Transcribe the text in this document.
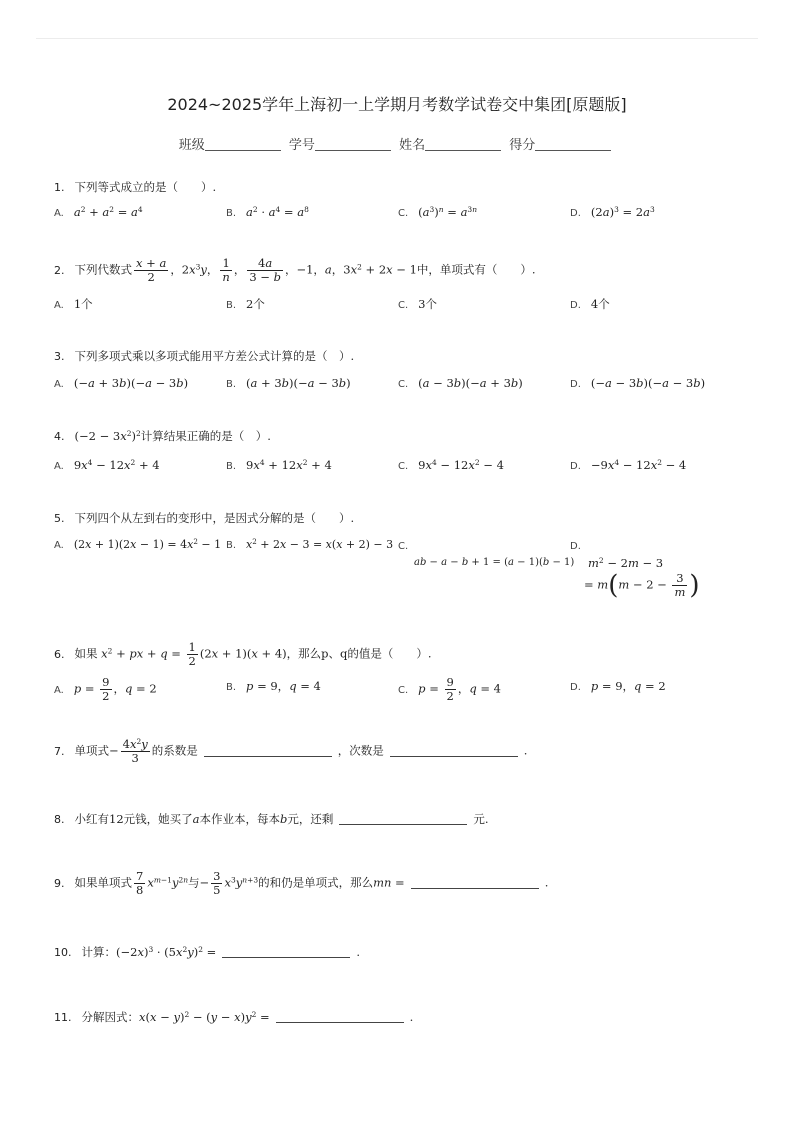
2024~2025学年上海初一上学期月考数学试卷交中集团[原题版]
班级	学号	姓名	得分
1. 下列等式成立的是（　　）.
A. $a^2 + a^2 = a^4$	B. $a^2 \cdot a^4 = a^8$	C. $(a^3)^n = a^{3n}$	D. $(2a)^3 = 2a^3$
2. 下列代数式 $\frac{x + a}{2}$ ，$2x^3y$， $\frac{1}{n}$ ， $\frac{4a}{3 - b}$ ，−1，a，$3x^2 + 2x - 1$中，单项式有（　　）.
A. 1个	B. 2个	C. 3个	D. 4个
3. 下列多项式乘以多项式能用平方差公式计算的是（　）.
A. (−a + 3b)(−a − 3b)	B. (a + 3b)(−a − 3b)	C. (a − 3b)(−a + 3b)	D. (−a − 3b)(−a − 3b)
4. $(-2 - 3x^2)^2$计算结果正确的是（　）.
A. $9x^4 - 12x^2 + 4$	B. $9x^4 + 12x^2 + 4$	C. $9x^4 - 12x^2 - 4$	D. $-9x^4 - 12x^2 - 4$
5. 下列四个从左到右的变形中，是因式分解的是（　　）.
A. $(2x + 1)(2x - 1) = 4x^2 - 1$ B. $x^2 + 2x - 3 = x(x + 2) - 3$ C.
ab − a − b + 1 = (a − 1)(b − 1)
D.
$m^2 - 2m - 3$
= $m(m - 2 - \frac{3}{m}$ )
6. 如果 $x^2$ + px + $q = \frac{1}{2} (2x + 1)(x + 4)$，那么p、q的值是（　　）.
A. $p = \frac{9}{2}$ ，q = 2	B. p = 9，q = 4	C. $p = \frac{9}{2}$ ，q = 4	D. p = 9，q = 2
7. 单项式− $\frac{4x^2y}{3}$ 的系数是	，次数是	.
8. 小红有12元钱，她买了a本作业本，每本b元，还剩	元.
9. 如果单项式 $\frac{7}{8} x^{m-1}y^{2n}$与− $\frac{3}{5} x^3y^{n+3}$的和仍是单项式，那么mn =	.
10. 计算：$(-2x)^3 \cdot (5x^2y)^2$ =	.
11. 分解因式：$x(x - y)^2 - (y - x)y^2$ =	.
